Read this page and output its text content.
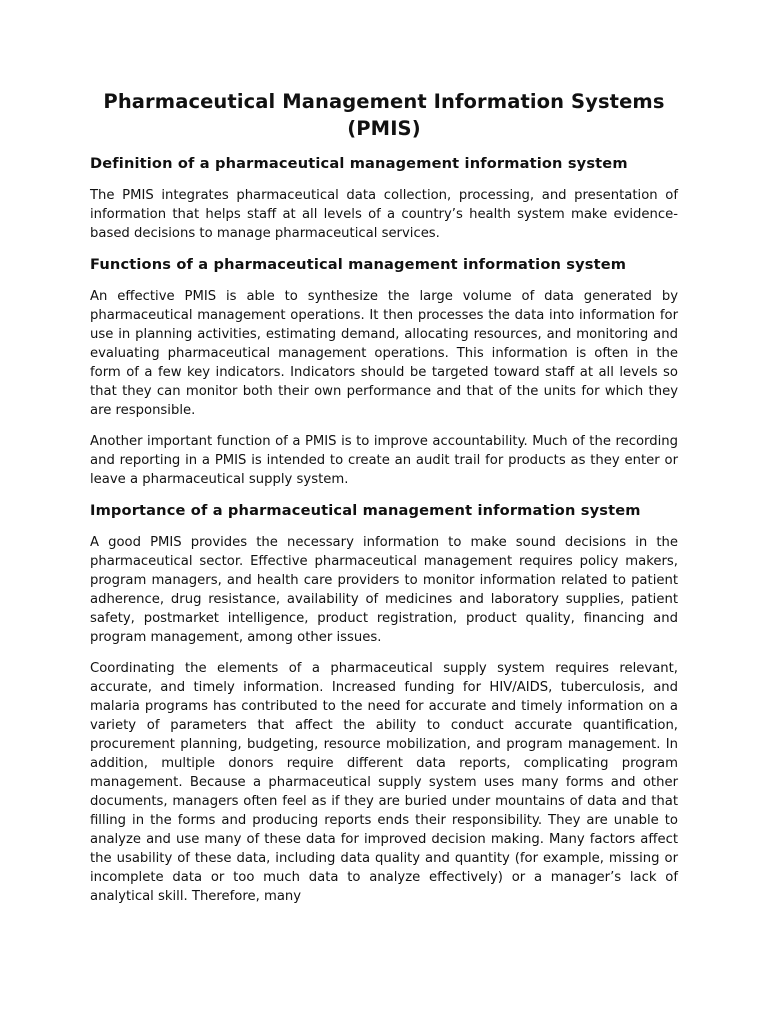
Pharmaceutical Management Information Systems (PMIS)
Definition of a pharmaceutical management information system

The PMIS integrates pharmaceutical data collection, processing, and presentation of information that helps staff at all levels of a country’s health system make evidence-based decisions to manage pharmaceutical services.

Functions of a pharmaceutical management information system

An effective PMIS is able to synthesize the large volume of data generated by pharmaceutical management operations. It then processes the data into information for use in planning activities, estimating demand, allocating resources, and monitoring and evaluating pharmaceutical management operations. This information is often in the form of a few key indicators. Indicators should be targeted toward staff at all levels so that they can monitor both their own performance and that of the units for which they are responsible.

Another important function of a PMIS is to improve accountability. Much of the recording and reporting in a PMIS is intended to create an audit trail for products as they enter or leave a pharmaceutical supply system.

Importance of a pharmaceutical management information system

A good PMIS provides the necessary information to make sound decisions in the pharmaceutical sector. Effective pharmaceutical management requires policy makers, program managers, and health care providers to monitor information related to patient adherence, drug resistance, availability of medicines and laboratory supplies, patient safety, postmarket intelligence, product registration, product quality, financing and program management, among other issues.

Coordinating the elements of a pharmaceutical supply system requires relevant, accurate, and timely information. Increased funding for HIV/AIDS, tuberculosis, and malaria programs has contributed to the need for accurate and timely information on a variety of parameters that affect the ability to conduct accurate quantification, procurement planning, budgeting, resource mobilization, and program management. In addition, multiple donors require different data reports, complicating program management. Because a pharmaceutical supply system uses many forms and other documents, managers often feel as if they are buried under mountains of data and that filling in the forms and producing reports ends their responsibility. They are unable to analyze and use many of these data for improved decision making. Many factors affect the usability of these data, including data quality and quantity (for example, missing or incomplete data or too much data to analyze effectively) or a manager’s lack of analytical skill. Therefore, many
